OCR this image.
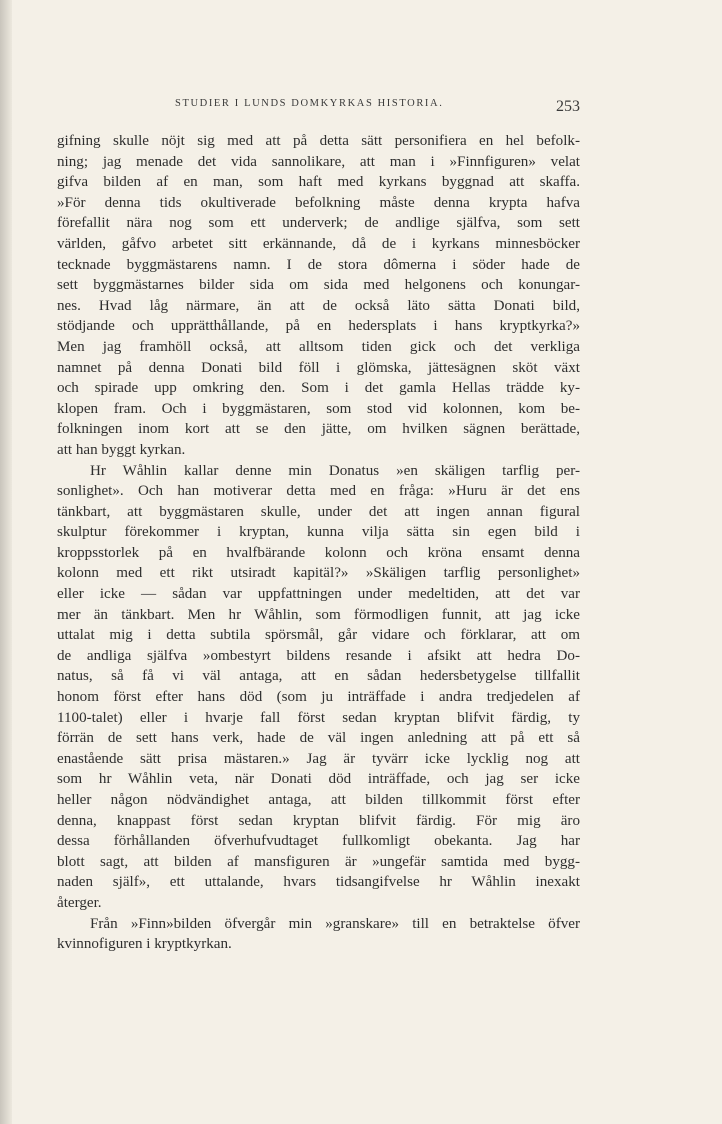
STUDIER I LUNDS DOMKYRKAS HISTORIA.	253
gifning skulle nöjt sig med att på detta sätt personifiera en hel befolk-
ning; jag menade det vida sannolikare, att man i »Finnfiguren» velat
gifva bilden af en man, som haft med kyrkans byggnad att skaffa.
»För denna tids okultiverade befolkning måste denna krypta hafva
förefallit nära nog som ett underverk; de andlige själfva, som sett
världen, gåfvo arbetet sitt erkännande, då de i kyrkans minnesböcker
tecknade byggmästarens namn. I de stora dômerna i söder hade de
sett byggmästarnes bilder sida om sida med helgonens och konungar-
nes. Hvad låg närmare, än att de också läto sätta Donati bild,
stödjande och upprätthållande, på en hedersplats i hans kryptkyrka?»
Men jag framhöll också, att alltsom tiden gick och det verkliga
namnet på denna Donati bild föll i glömska, jättesägnen sköt växt
och spirade upp omkring den. Som i det gamla Hellas trädde ky-
klopen fram. Och i byggmästaren, som stod vid kolonnen, kom be-
folkningen inom kort att se den jätte, om hvilken sägnen berättade,
att han byggt kyrkan.
Hr Wåhlin kallar denne min Donatus »en skäligen tarflig per-
sonlighet». Och han motiverar detta med en fråga: »Huru är det ens
tänkbart, att byggmästaren skulle, under det att ingen annan figural
skulptur förekommer i kryptan, kunna vilja sätta sin egen bild i
kroppsstorlek på en hvalfbärande kolonn och kröna ensamt denna
kolonn med ett rikt utsiradt kapitäl?» »Skäligen tarflig personlighet»
eller icke — sådan var uppfattningen under medeltiden, att det var
mer än tänkbart. Men hr Wåhlin, som förmodligen funnit, att jag icke
uttalat mig i detta subtila spörsmål, går vidare och förklarar, att om
de andliga själfva »ombestyrt bildens resande i afsikt att hedra Do-
natus, så få vi väl antaga, att en sådan hedersbetygelse tillfallit
honom först efter hans död (som ju inträffade i andra tredjedelen af
1100-talet) eller i hvarje fall först sedan kryptan blifvit färdig, ty
förrän de sett hans verk, hade de väl ingen anledning att på ett så
enastående sätt prisa mästaren.» Jag är tyvärr icke lycklig nog att
som hr Wåhlin veta, när Donati död inträffade, och jag ser icke
heller någon nödvändighet antaga, att bilden tillkommit först efter
denna, knappast först sedan kryptan blifvit färdig. För mig äro
dessa förhållanden öfverhufvudtaget fullkomligt obekanta. Jag har
blott sagt, att bilden af mansfiguren är »ungefär samtida med bygg-
naden själf», ett uttalande, hvars tidsangifvelse hr Wåhlin inexakt
återger.
Från »Finn»bilden öfvergår min »granskare» till en betraktelse öfver
kvinnofiguren i kryptkyrkan.
